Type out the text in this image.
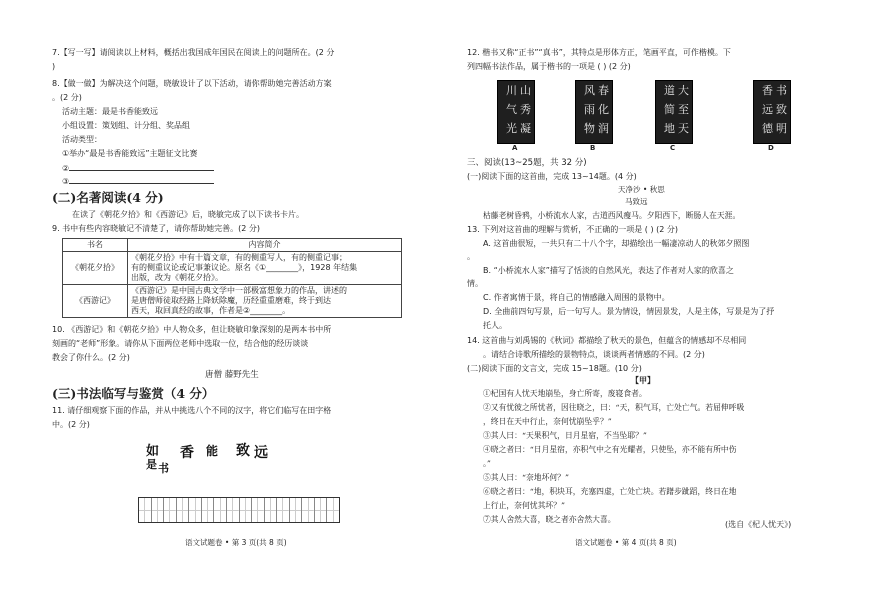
7.【写一写】请阅读以上材料，概括出我国成年国民在阅读上的问题所在。(2 分
)
8.【做一做】为解决这个问题，晓敏设计了以下活动，请你帮助她完善活动方案
。(2 分)
活动主题：最是书香能致远
小组设置：策划组、计分组、奖品组
活动类型：
①举办“最是书香能致远”主题征文比赛
②
③
(二)名著阅读(4 分)
在读了《朝花夕拾》和《西游记》后，晓敏完成了以下读书卡片。
9. 书中有些内容晓敏记不清楚了，请你帮助她完善。(2 分)
书名	内容简介
《朝花夕拾》	《朝花夕拾》中有十篇文章，有的侧重写人，有的侧重记事；
有的侧重议论或记事兼议论。原名《①________》，1928 年结集
出版，改为《朝花夕拾》。

《西游记》	《西游记》是中国古典文学中一部极富想象力的作品，讲述的
是唐僧师徒取经路上降妖除魔，历经重重磨难，终于到达
西天，取回真经的故事，作者是②________。
10. 《西游记》和《朝花夕拾》中人物众多，但让晓敏印象深刻的是两本书中所
刻画的“老师”形象。请你从下面两位老师中选取一位，结合他的经历谈谈
教会了你什么。(2 分)
唐僧 藤野先生
(三)书法临写与鉴赏（4 分）
11. 请仔细观察下面的作品，并从中挑选八个不同的汉字，将它们临写在田字格
中。(2 分)
如
是 书
香 能 致 远
语文试题卷 • 第 3 页(共 8 页)
12. 楷书又称“正书”“真书”，其特点是形体方正，笔画平直，可作楷模。下
列四幅书法作品，属于楷书的一项是 ( ) (2 分)
山
川
秀
气
凝
光
春
风
化
雨
润
物
大
道
至
简
天
地
书
香
致
远
明
德
A	B	C	D
三、阅读(13~25题，共 32 分)
(一)阅读下面的这首曲，完成 13~14题。(4 分)
天净沙 • 秋思
马致远
枯藤老树昏鸦，小桥流水人家，古道西风瘦马。夕阳西下，断肠人在天涯。
13. 下列对这首曲的理解与赏析，不正确的一项是 ( ) (2 分)
A. 这首曲很短，一共只有二十八个字，却描绘出一幅凄凉动人的秋郊夕照图
。
B. “小桥流水人家”描写了恬淡的自然风光，表达了作者对人家的欣喜之
情。
C. 作者寓情于景，将自己的情感融入周围的景物中。
D. 全曲前四句写景，后一句写人。景为情设，情因景发，人是主体，写景是为了抒
托人。
14. 这首曲与刘禹锡的《秋词》都描绘了秋天的景色，但蕴含的情感却不尽相同
。请结合诗歌所描绘的景物特点，谈谈两者情感的不同。(2 分)
(二)阅读下面的文言文，完成 15~18题。(10 分)
【甲】
①杞国有人忧天地崩坠，身亡所寄，废寝食者。
②又有忧彼之所忧者，因往晓之，曰：“天，积气耳，亡处亡气。若屈伸呼吸
，终日在天中行止，奈何忧崩坠乎？”
③其人曰：“天果积气，日月星宿，不当坠耶？”
④晓之者曰：“日月星宿，亦积气中之有光耀者，只使坠，亦不能有所中伤
。”
⑤其人曰：“奈地坏何？”
⑥晓之者曰：“地，积块耳，充塞四虚，亡处亡块。若躇步跐蹈，终日在地
上行止，奈何忧其坏？”
⑦其人舍然大喜，晓之者亦舍然大喜。
(选自《杞人忧天》)
语文试题卷 • 第 4 页(共 8 页)
